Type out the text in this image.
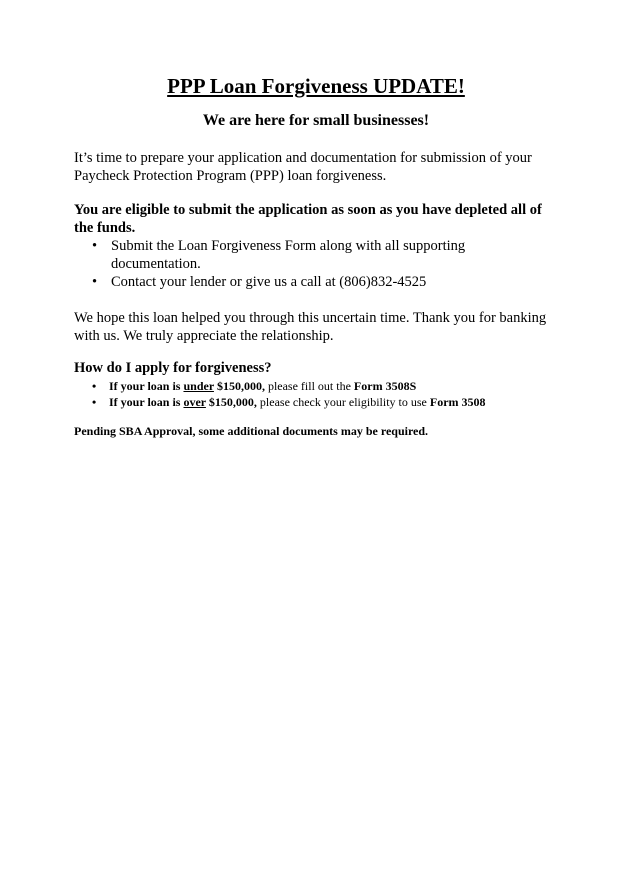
PPP Loan Forgiveness UPDATE!

We are here for small businesses!

It’s time to prepare your application and documentation for submission of your Paycheck Protection Program (PPP) loan forgiveness.

You are eligible to submit the application as soon as you have depleted all of the funds.

• Submit the Loan Forgiveness Form along with all supporting documentation.
• Contact your lender or give us a call at (806)832-4525

We hope this loan helped you through this uncertain time. Thank you for banking with us. We truly appreciate the relationship.

How do I apply for forgiveness?

• If your loan is under $150,000, please fill out the Form 3508S
• If your loan is over $150,000, please check your eligibility to use Form 3508

Pending SBA Approval, some additional documents may be required.
